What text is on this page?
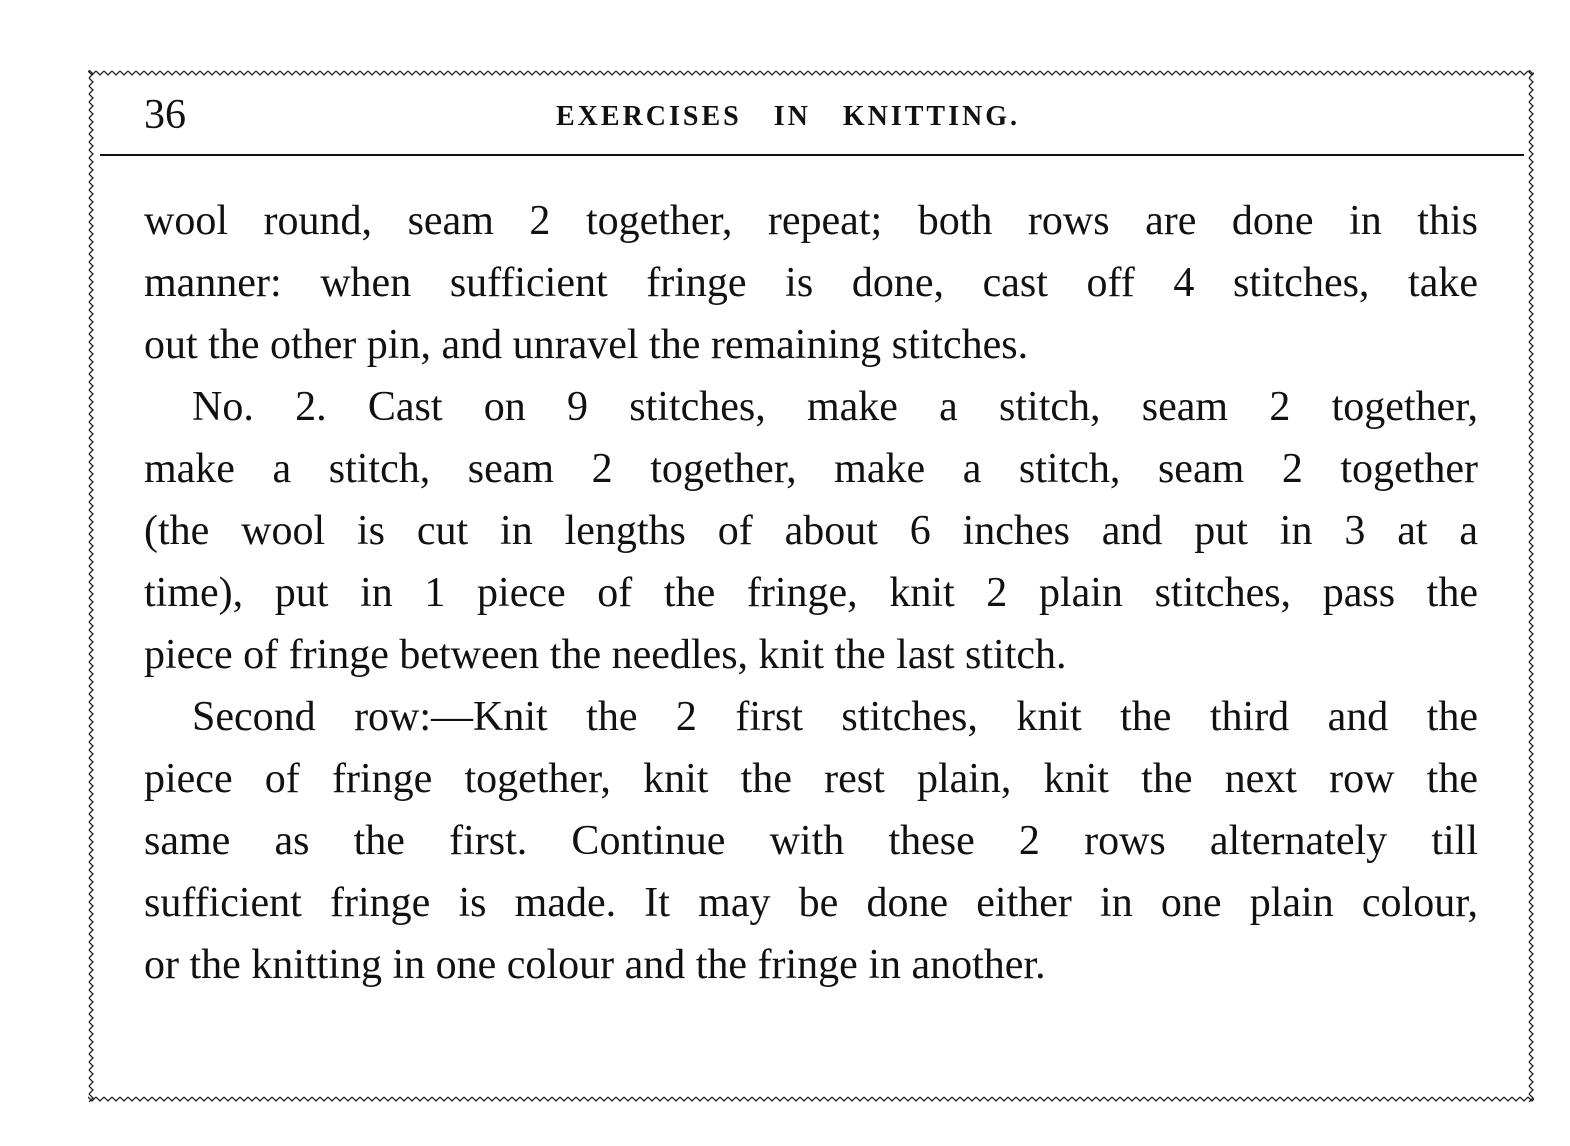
36	EXERCISES IN KNITTING.
wool round, seam 2 together, repeat; both rows are done in this
manner: when sufficient fringe is done, cast off 4 stitches, take
out the other pin, and unravel the remaining stitches.
No. 2. Cast on 9 stitches, make a stitch, seam 2 together,
make a stitch, seam 2 together, make a stitch, seam 2 together
(the wool is cut in lengths of about 6 inches and put in 3 at a
time), put in 1 piece of the fringe, knit 2 plain stitches, pass the
piece of fringe between the needles, knit the last stitch.
Second row:—Knit the 2 first stitches, knit the third and the
piece of fringe together, knit the rest plain, knit the next row the
same as the first. Continue with these 2 rows alternately till
sufficient fringe is made. It may be done either in one plain colour,
or the knitting in one colour and the fringe in another.
